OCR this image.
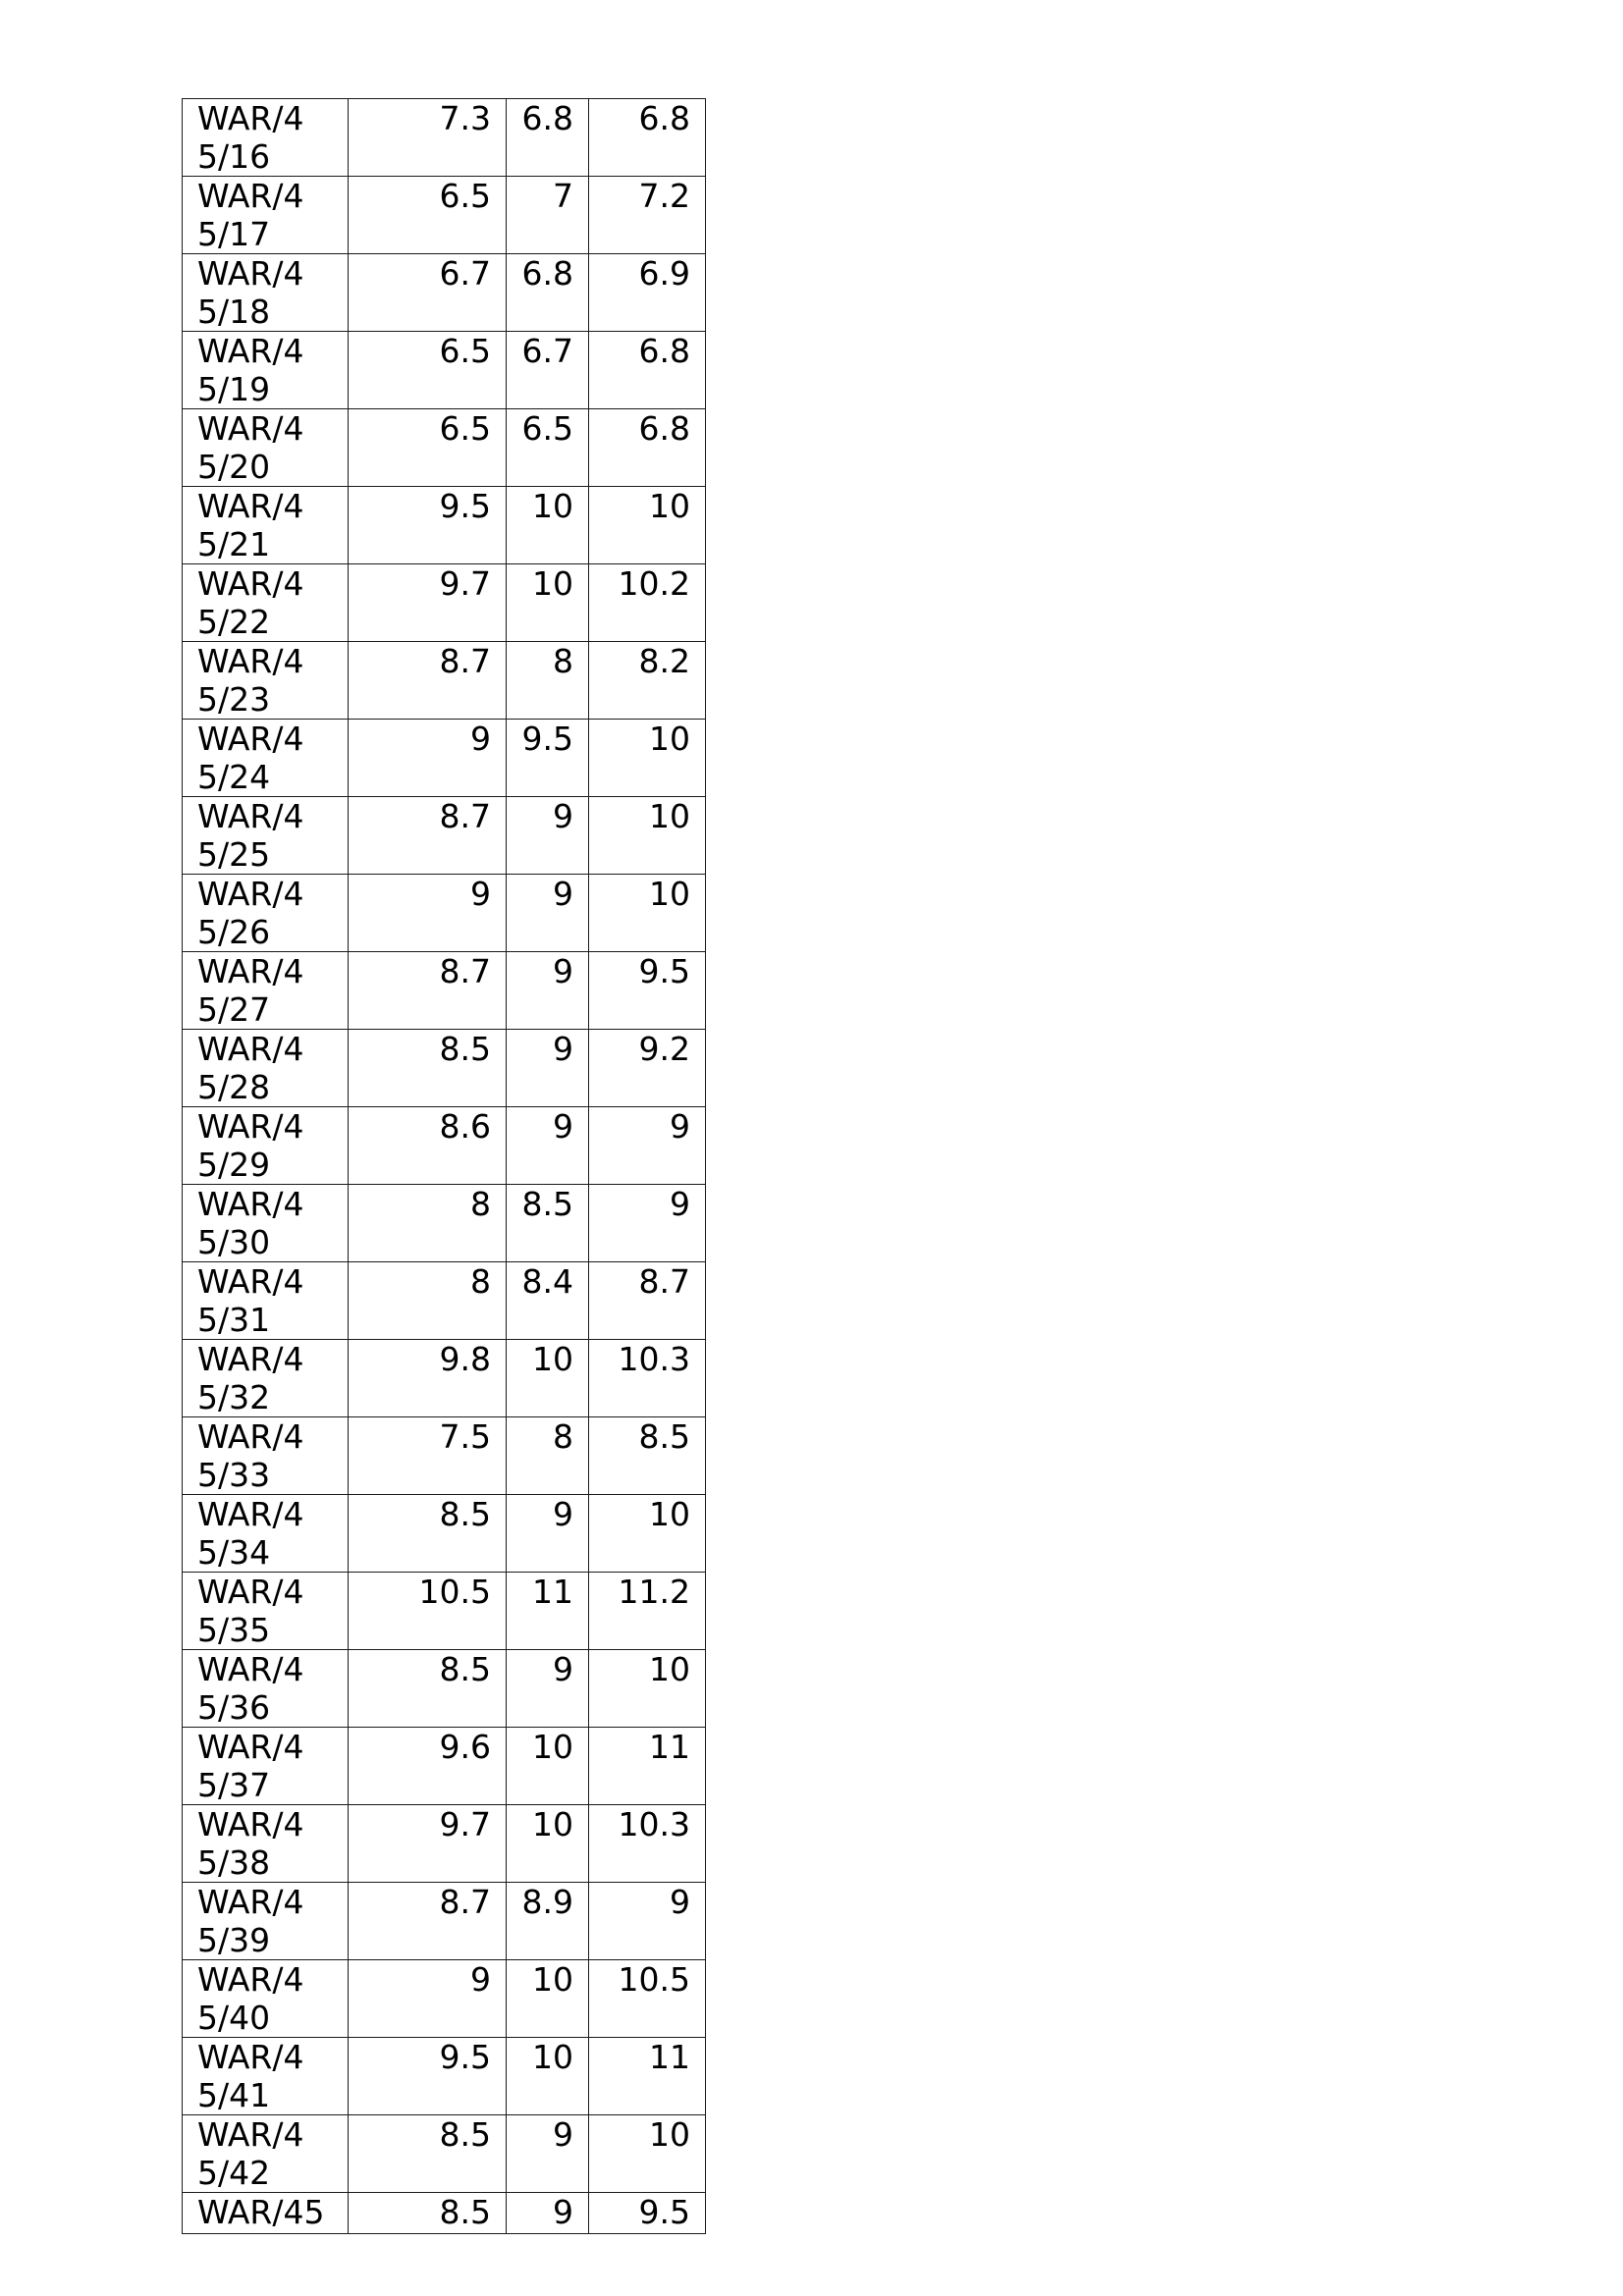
WAR/45/16	7.3	6.8	6.8
WAR/45/17	6.5	7	7.2
WAR/45/18	6.7	6.8	6.9
WAR/45/19	6.5	6.7	6.8
WAR/45/20	6.5	6.5	6.8
WAR/45/21	9.5	10	10
WAR/45/22	9.7	10	10.2
WAR/45/23	8.7	8	8.2
WAR/45/24	9	9.5	10
WAR/45/25	8.7	9	10
WAR/45/26	9	9	10
WAR/45/27	8.7	9	9.5
WAR/45/28	8.5	9	9.2
WAR/45/29	8.6	9	9
WAR/45/30	8	8.5	9
WAR/45/31	8	8.4	8.7
WAR/45/32	9.8	10	10.3
WAR/45/33	7.5	8	8.5
WAR/45/34	8.5	9	10
WAR/45/35	10.5	11	11.2
WAR/45/36	8.5	9	10
WAR/45/37	9.6	10	11
WAR/45/38	9.7	10	10.3
WAR/45/39	8.7	8.9	9
WAR/45/40	9	10	10.5
WAR/45/41	9.5	10	11
WAR/45/42	8.5	9	10
WAR/45	8.5	9	9.5
